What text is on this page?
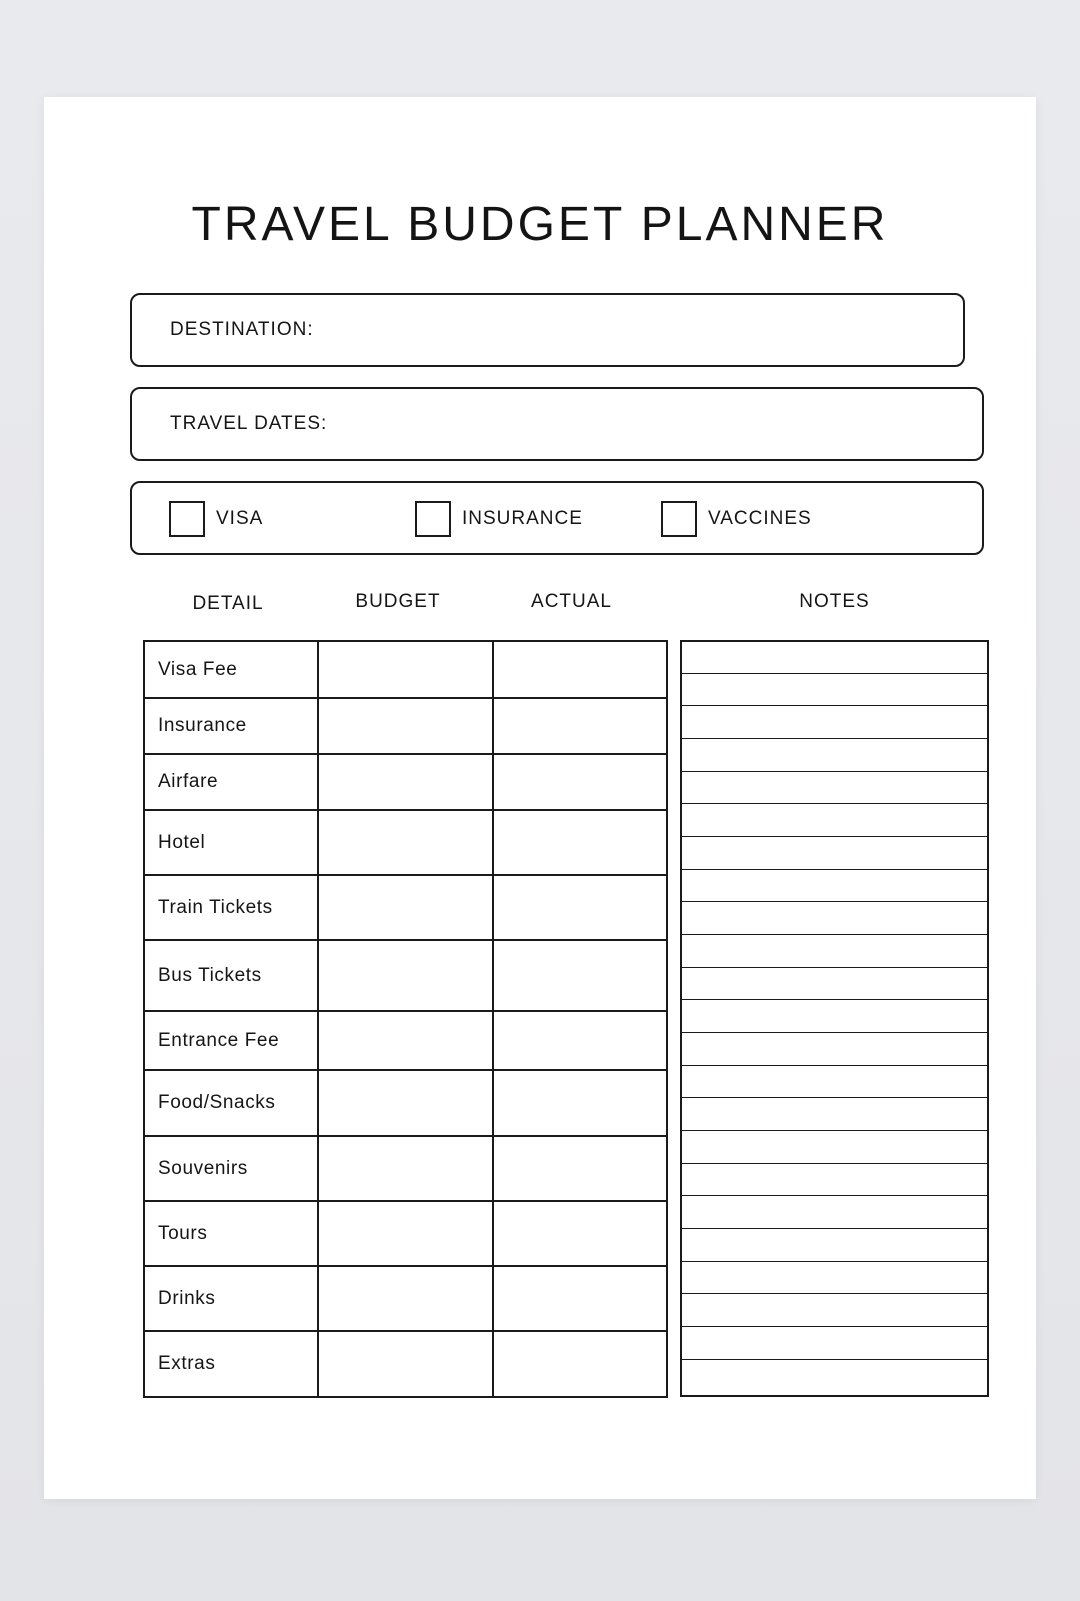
TRAVEL BUDGET PLANNER
DESTINATION:
TRAVEL DATES:
VISA	INSURANCE	VACCINES
DETAIL	BUDGET	ACTUAL	NOTES
Visa Fee		
Insurance		
Airfare		
Hotel		
Train Tickets		
Bus Tickets		
Entrance Fee		
Food/Snacks		
Souvenirs		
Tours		
Drinks		
Extras		
